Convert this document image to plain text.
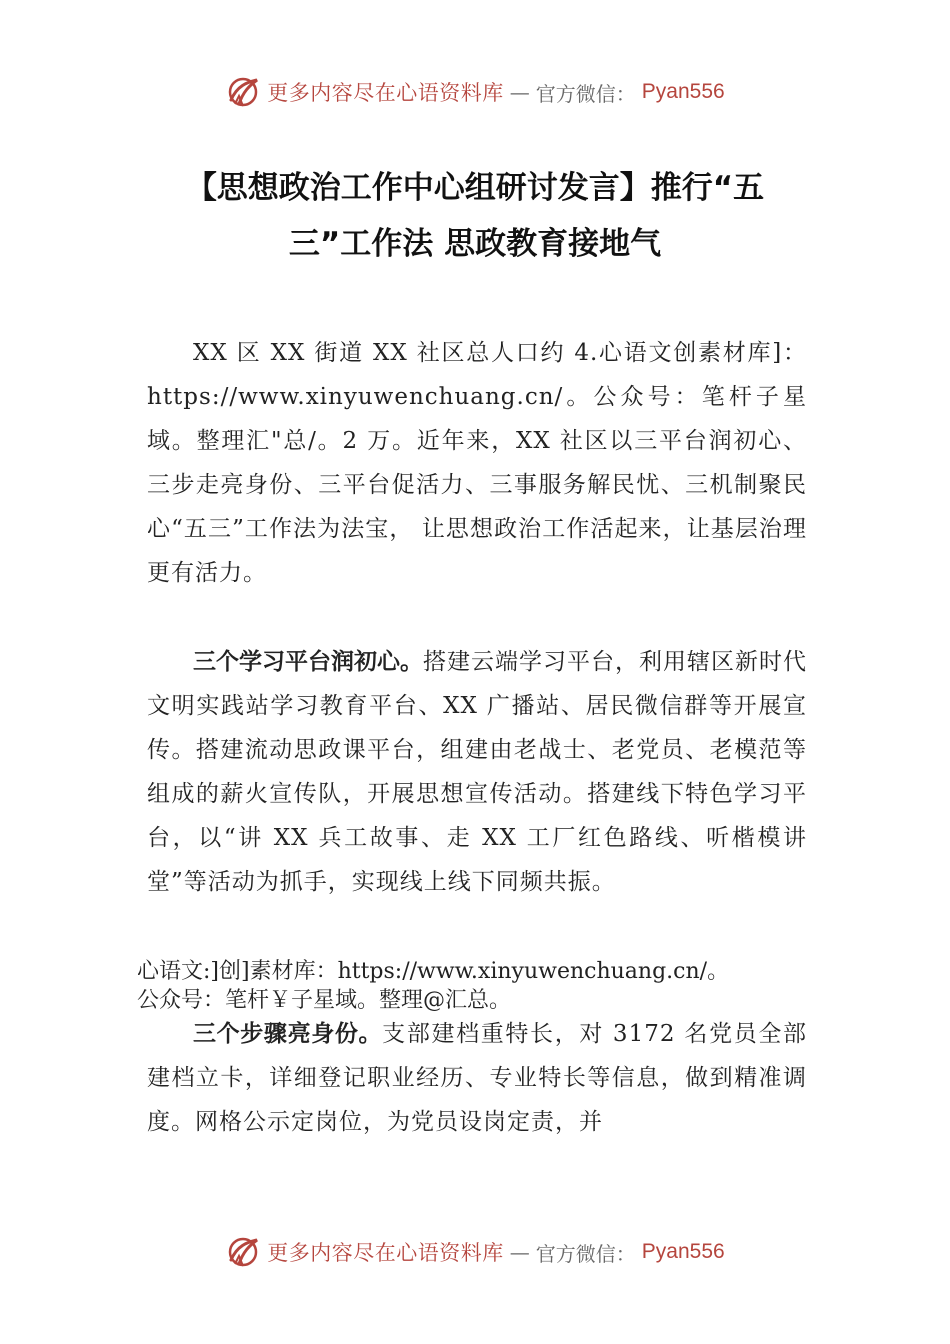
更多内容尽在心语资料库 — 官方微信： Pyan556
【思想政治工作中心组研讨发言】推行“五
三”工作法 思政教育接地气

XX 区 XX 街道 XX 社区总人口约 4.心语文创素材库]：https://www.xinyuwenchuang.cn/。公众号：笔杆子星域。整理汇"总/。2 万。近年来，XX 社区以三平台润初心、三步走亮身份、三平台促活力、三事服务解民忧、三机制聚民心“五三”工作法为法宝， 让思想政治工作活起来，让基层治理更有活力。

三个学习平台润初心。搭建云端学习平台，利用辖区新时代文明实践站学习教育平台、XX 广播站、居民微信群等开展宣传。搭建流动思政课平台，组建由老战士、老党员、老模范等组成的薪火宣传队，开展思想宣传活动。搭建线下特色学习平台，以“讲 XX 兵工故事、走 XX 工厂红色路线、听楷模讲堂”等活动为抓手，实现线上线下同频共振。

心语文:]创]素材库：https://www.xinyuwenchuang.cn/。
公众号：笔杆￥子星域。整理@汇总。

三个步骤亮身份。支部建档重特长，对 3172 名党员全部建档立卡，详细登记职业经历、专业特长等信息，做到精准调度。网格公示定岗位，为党员设岗定责，并

更多内容尽在心语资料库 — 官方微信： Pyan556
